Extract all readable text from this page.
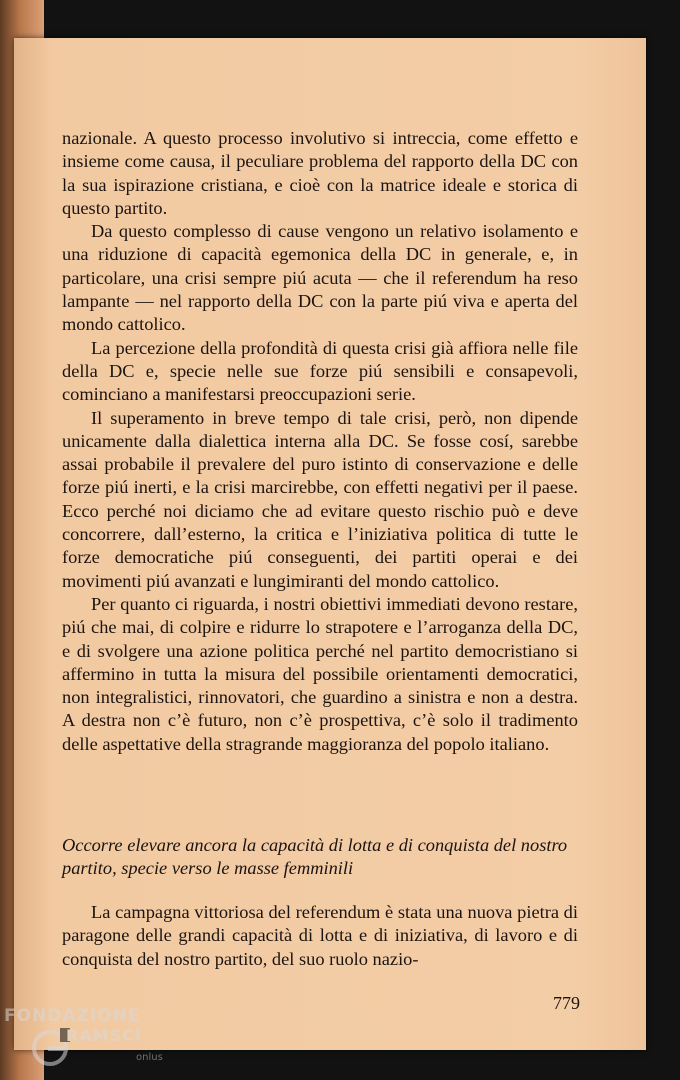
nazionale. A questo processo involutivo si intreccia, come effetto e insieme come causa, il peculiare problema del rapporto della DC con la sua ispirazione cristiana, e cioè con la matrice ideale e storica di questo partito.

Da questo complesso di cause vengono un relativo isolamento e una riduzione di capacità egemonica della DC in generale, e, in particolare, una crisi sempre piú acuta — che il referendum ha reso lampante — nel rapporto della DC con la parte piú viva e aperta del mondo cattolico.

La percezione della profondità di questa crisi già affiora nelle file della DC e, specie nelle sue forze piú sensibili e consapevoli, cominciano a manifestarsi preoccupazioni serie.

Il superamento in breve tempo di tale crisi, però, non dipende unicamente dalla dialettica interna alla DC. Se fosse cosí, sarebbe assai probabile il prevalere del puro istinto di conservazione e delle forze piú inerti, e la crisi marcirebbe, con effetti negativi per il paese. Ecco perché noi diciamo che ad evitare questo rischio può e deve concorrere, dall’esterno, la critica e l’iniziativa politica di tutte le forze democratiche piú conseguenti, dei partiti operai e dei movimenti piú avanzati e lungimiranti del mondo cattolico.

Per quanto ci riguarda, i nostri obiettivi immediati devono restare, piú che mai, di colpire e ridurre lo strapotere e l’arroganza della DC, e di svolgere una azione politica perché nel partito democristiano si affermino in tutta la misura del possibile orientamenti democratici, non integralistici, rinnovatori, che guardino a sinistra e non a destra. A destra non c’è futuro, non c’è prospettiva, c’è solo il tradimento delle aspettative della stragrande maggioranza del popolo italiano.

Occorre elevare ancora la capacità di lotta e di conquista del nostro partito, specie verso le masse femminili

La campagna vittoriosa del referendum è stata una nuova pietra di paragone delle grandi capacità di lotta e di iniziativa, di lavoro e di conquista del nostro partito, del suo ruolo nazio-

779
FONDAZIONE
RAMSCI
onlus
